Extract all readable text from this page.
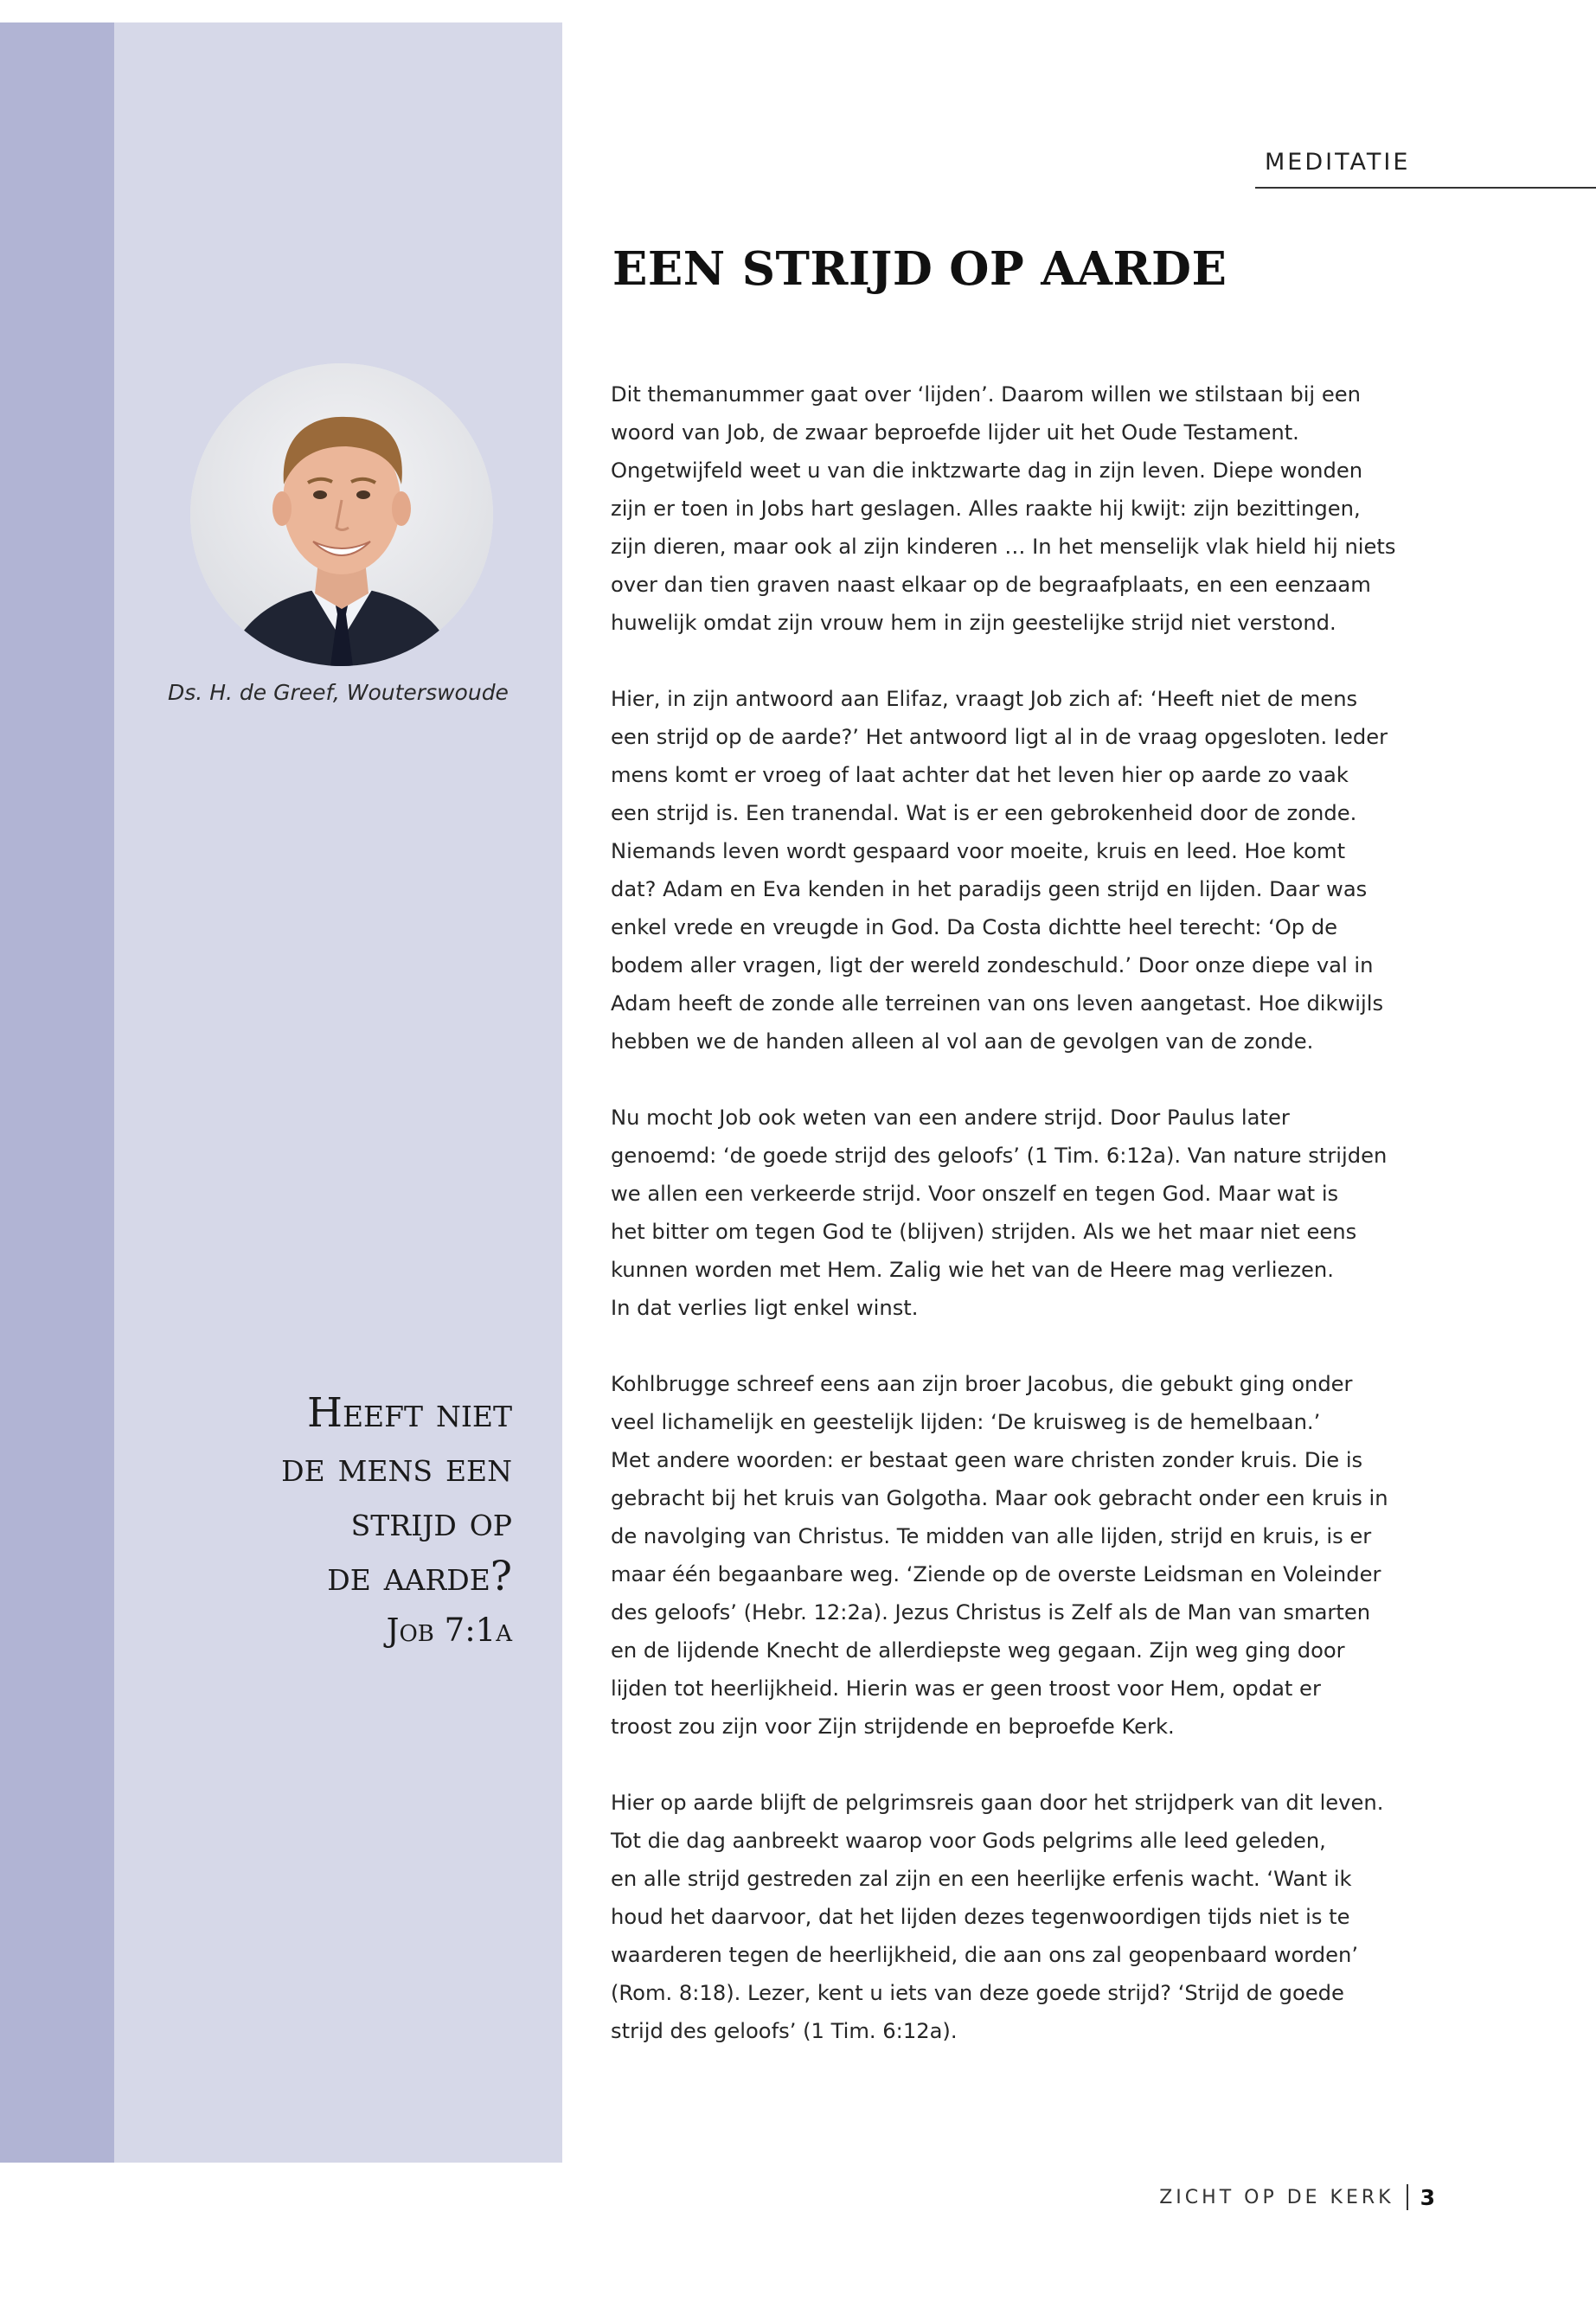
MEDITATIE
EEN STRIJD OP AARDE
Ds. H. de Greef, Wouterswoude
Heeft niet
de mens een
strijd op
de aarde?
Job 7:1a

Dit themanummer gaat over ‘lijden’. Daarom willen we stilstaan bij een
woord van Job, de zwaar beproefde lijder uit het Oude Testament.
Ongetwijfeld weet u van die inktzwarte dag in zijn leven. Diepe wonden
zijn er toen in Jobs hart geslagen. Alles raakte hij kwijt: zijn bezittingen,
zijn dieren, maar ook al zijn kinderen … In het menselijk vlak hield hij niets
over dan tien graven naast elkaar op de begraafplaats, en een eenzaam
huwelijk omdat zijn vrouw hem in zijn geestelijke strijd niet verstond.

Hier, in zijn antwoord aan Elifaz, vraagt Job zich af: ‘Heeft niet de mens
een strijd op de aarde?’ Het antwoord ligt al in de vraag opgesloten. Ieder
mens komt er vroeg of laat achter dat het leven hier op aarde zo vaak
een strijd is. Een tranendal. Wat is er een gebrokenheid door de zonde.
Niemands leven wordt gespaard voor moeite, kruis en leed. Hoe komt
dat? Adam en Eva kenden in het paradijs geen strijd en lijden. Daar was
enkel vrede en vreugde in God. Da Costa dichtte heel terecht: ‘Op de
bodem aller vragen, ligt der wereld zondeschuld.’ Door onze diepe val in
Adam heeft de zonde alle terreinen van ons leven aangetast. Hoe dikwijls
hebben we de handen alleen al vol aan de gevolgen van de zonde.

Nu mocht Job ook weten van een andere strijd. Door Paulus later
genoemd: ‘de goede strijd des geloofs’ (1 Tim. 6:12a). Van nature strijden
we allen een verkeerde strijd. Voor onszelf en tegen God. Maar wat is
het bitter om tegen God te (blijven) strijden. Als we het maar niet eens
kunnen worden met Hem. Zalig wie het van de Heere mag verliezen.
In dat verlies ligt enkel winst.

Kohlbrugge schreef eens aan zijn broer Jacobus, die gebukt ging onder
veel lichamelijk en geestelijk lijden: ‘De kruisweg is de hemelbaan.’
Met andere woorden: er bestaat geen ware christen zonder kruis. Die is
gebracht bij het kruis van Golgotha. Maar ook gebracht onder een kruis in
de navolging van Christus. Te midden van alle lijden, strijd en kruis, is er
maar één begaanbare weg. ‘Ziende op de overste Leidsman en Voleinder
des geloofs’ (Hebr. 12:2a). Jezus Christus is Zelf als de Man van smarten
en de lijdende Knecht de allerdiepste weg gegaan. Zijn weg ging door
lijden tot heerlijkheid. Hierin was er geen troost voor Hem, opdat er
troost zou zijn voor Zijn strijdende en beproefde Kerk.

Hier op aarde blijft de pelgrimsreis gaan door het strijdperk van dit leven.
Tot die dag aanbreekt waarop voor Gods pelgrims alle leed geleden,
en alle strijd gestreden zal zijn en een heerlijke erfenis wacht. ‘Want ik
houd het daarvoor, dat het lijden dezes tegenwoordigen tijds niet is te
waarderen tegen de heerlijkheid, die aan ons zal geopenbaard worden’
(Rom. 8:18). Lezer, kent u iets van deze goede strijd? ‘Strijd de goede
strijd des geloofs’ (1 Tim. 6:12a).

ZICHT OP DE KERK 3
